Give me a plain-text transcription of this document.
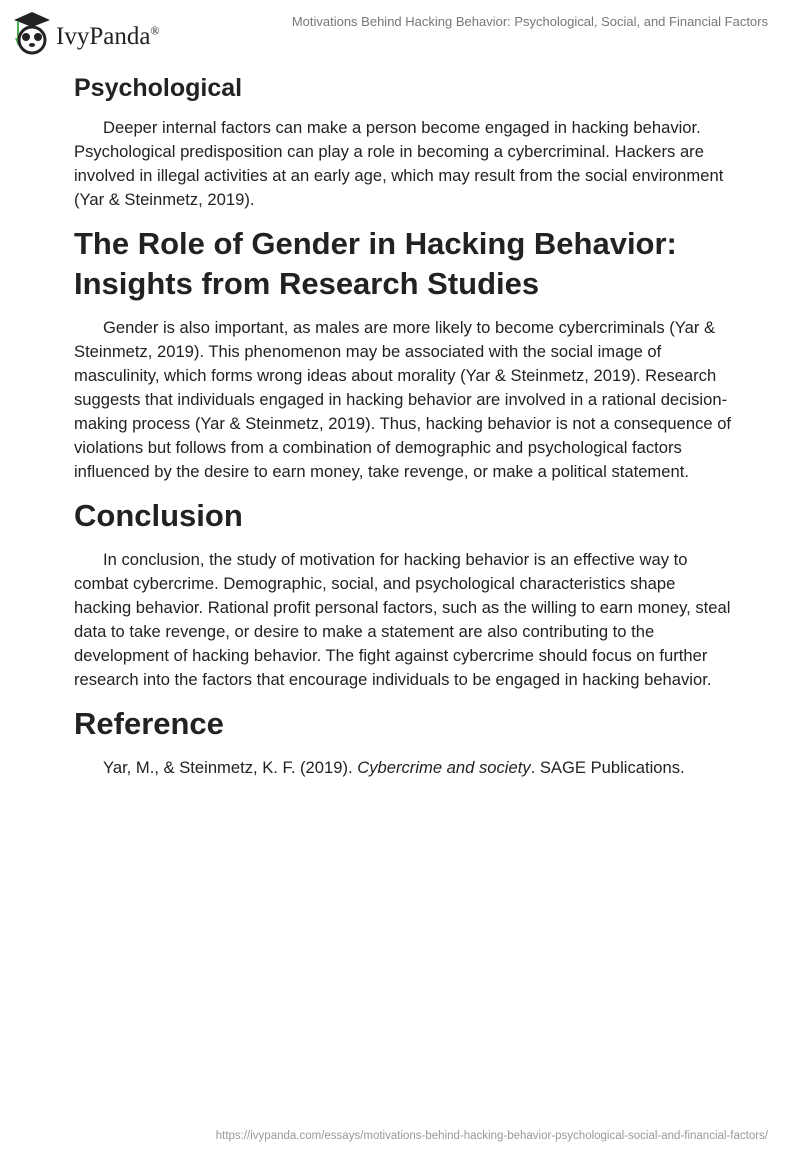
IvyPanda®
Motivations Behind Hacking Behavior: Psychological, Social, and Financial Factors
Psychological

Deeper internal factors can make a person become engaged in hacking behavior. Psychological predisposition can play a role in becoming a cybercriminal. Hackers are involved in illegal activities at an early age, which may result from the social environment (Yar & Steinmetz, 2019).

The Role of Gender in Hacking Behavior: Insights from Research Studies

Gender is also important, as males are more likely to become cybercriminals (Yar & Steinmetz, 2019). This phenomenon may be associated with the social image of masculinity, which forms wrong ideas about morality (Yar & Steinmetz, 2019). Research suggests that individuals engaged in hacking behavior are involved in a rational decision-making process (Yar & Steinmetz, 2019). Thus, hacking behavior is not a consequence of violations but follows from a combination of demographic and psychological factors influenced by the desire to earn money, take revenge, or make a political statement.

Conclusion

In conclusion, the study of motivation for hacking behavior is an effective way to combat cybercrime. Demographic, social, and psychological characteristics shape hacking behavior. Rational profit personal factors, such as the willing to earn money, steal data to take revenge, or desire to make a statement are also contributing to the development of hacking behavior. The fight against cybercrime should focus on further research into the factors that encourage individuals to be engaged in hacking behavior.

Reference

Yar, M., & Steinmetz, K. F. (2019). Cybercrime and society. SAGE Publications.

https://ivypanda.com/essays/motivations-behind-hacking-behavior-psychological-social-and-financial-factors/
